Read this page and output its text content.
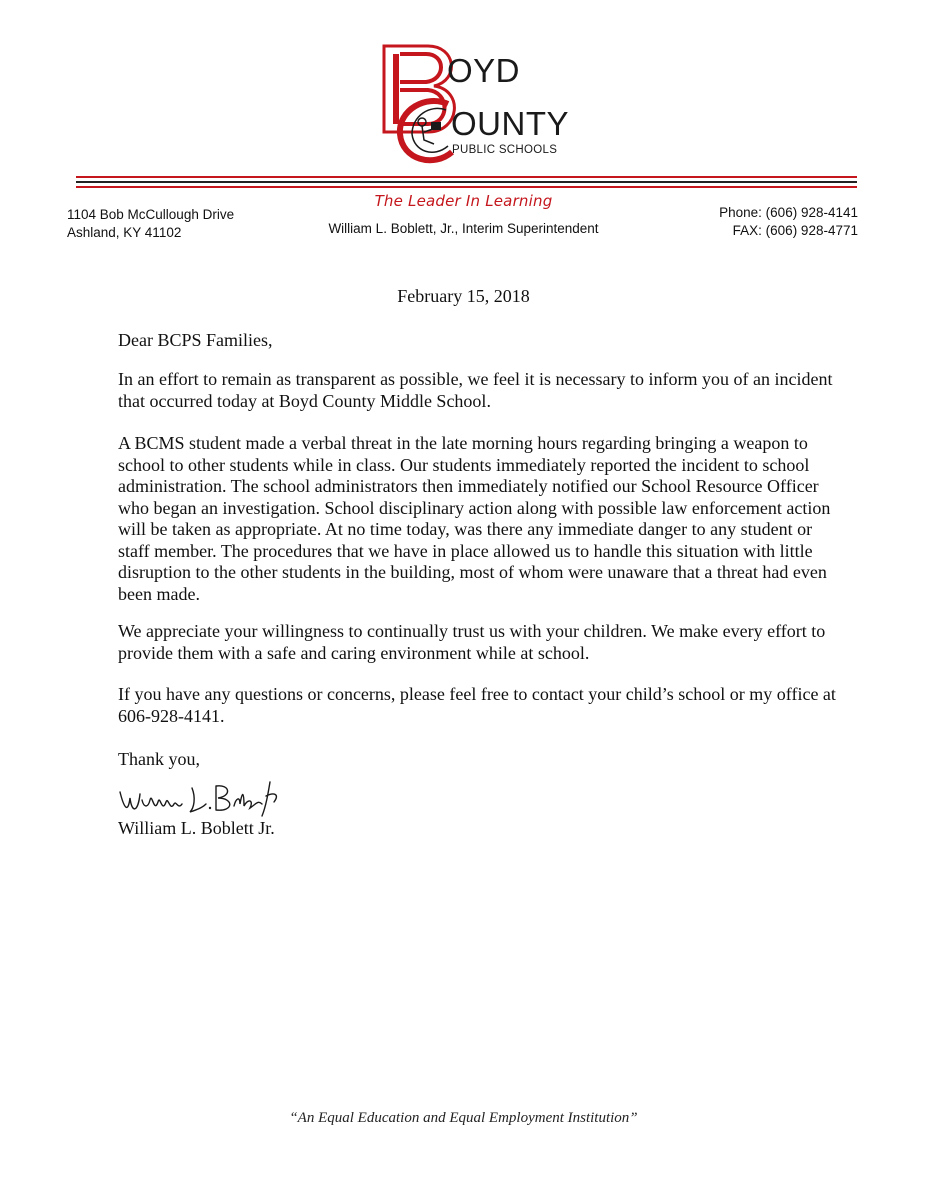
OYD
OUNTY
PUBLIC SCHOOLS
The Leader In Learning
William L. Boblett, Jr., Interim Superintendent
1104 Bob McCullough Drive
Ashland, KY 41102
Phone: (606) 928-4141
FAX: (606) 928-4771
February 15, 2018
Dear BCPS Families,

In an effort to remain as transparent as possible, we feel it is necessary to inform you of an incident that occurred today at Boyd County Middle School.

A BCMS student made a verbal threat in the late morning hours regarding bringing a weapon to school to other students while in class. Our students immediately reported the incident to school administration. The school administrators then immediately notified our School Resource Officer who began an investigation. School disciplinary action along with possible law enforcement action will be taken as appropriate. At no time today, was there any immediate danger to any student or staff member. The procedures that we have in place allowed us to handle this situation with little disruption to the other students in the building, most of whom were unaware that a threat had even been made.

We appreciate your willingness to continually trust us with your children. We make every effort to provide them with a safe and caring environment while at school.

If you have any questions or concerns, please feel free to contact your child’s school or my office at 606-928-4141.

Thank you,
William L. Boblett Jr.
“An Equal Education and Equal Employment Institution”
